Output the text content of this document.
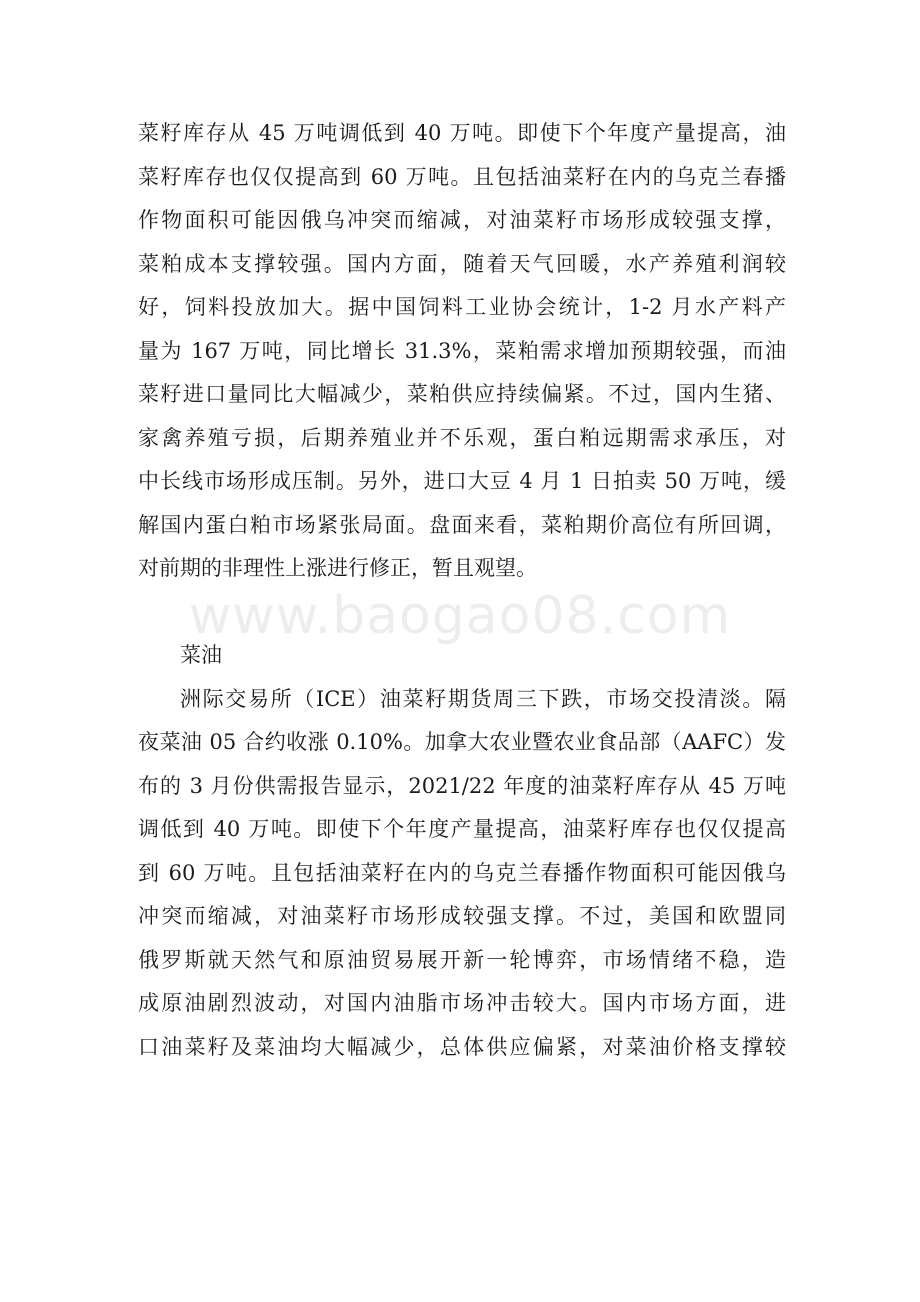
www.baogao08.com
菜籽库存从 45 万吨调低到 40 万吨。即使下个年度产量提高，油
菜籽库存也仅仅提高到 60 万吨。且包括油菜籽在内的乌克兰春播
作物面积可能因俄乌冲突而缩减，对油菜籽市场形成较强支撑，
菜粕成本支撑较强。国内方面，随着天气回暖，水产养殖利润较
好，饲料投放加大。据中国饲料工业协会统计，1-2 月水产料产
量为 167 万吨，同比增长 31.3%，菜粕需求增加预期较强，而油
菜籽进口量同比大幅减少，菜粕供应持续偏紧。不过，国内生猪、
家禽养殖亏损，后期养殖业并不乐观，蛋白粕远期需求承压，对
中长线市场形成压制。另外，进口大豆 4 月 1 日拍卖 50 万吨，缓
解国内蛋白粕市场紧张局面。盘面来看，菜粕期价高位有所回调，
对前期的非理性上涨进行修正，暂且观望。
菜油
洲际交易所（ICE）油菜籽期货周三下跌，市场交投清淡。隔
夜菜油 05 合约收涨 0.10%。加拿大农业暨农业食品部（AAFC）发
布的 3 月份供需报告显示，2021/22 年度的油菜籽库存从 45 万吨
调低到 40 万吨。即使下个年度产量提高，油菜籽库存也仅仅提高
到 60 万吨。且包括油菜籽在内的乌克兰春播作物面积可能因俄乌
冲突而缩减，对油菜籽市场形成较强支撑。不过，美国和欧盟同
俄罗斯就天然气和原油贸易展开新一轮博弈，市场情绪不稳，造
成原油剧烈波动，对国内油脂市场冲击较大。国内市场方面，进
口油菜籽及菜油均大幅减少，总体供应偏紧，对菜油价格支撑较
